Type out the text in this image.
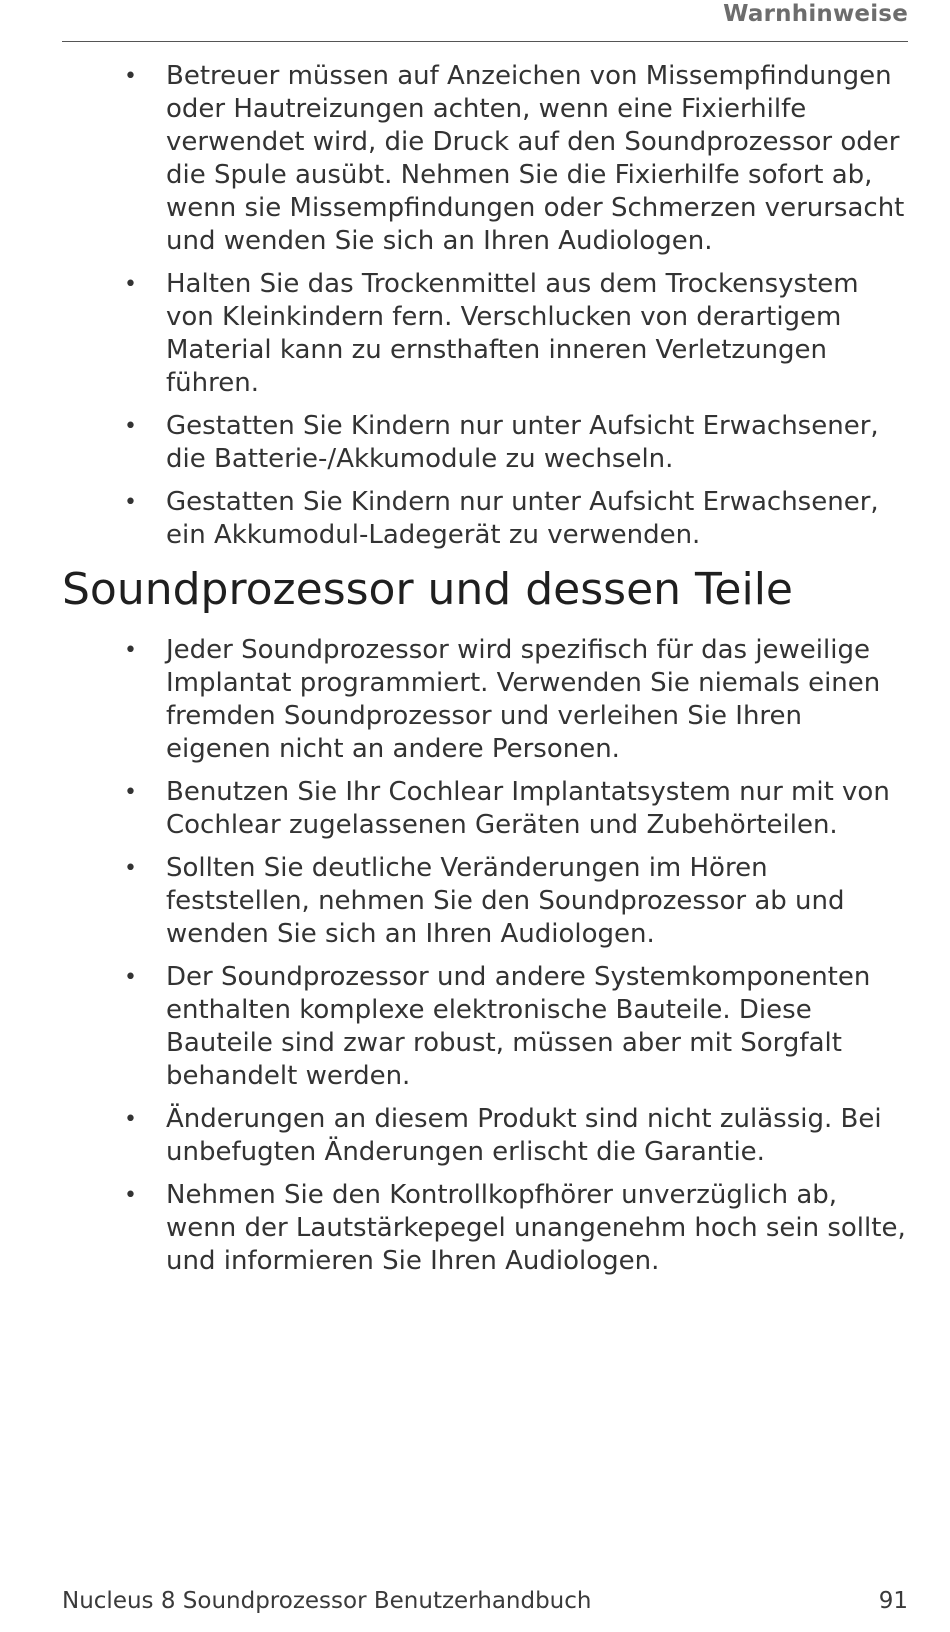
Warnhinweise
• Betreuer müssen auf Anzeichen von Missempfindungen oder Hautreizungen achten, wenn eine Fixierhilfe verwendet wird, die Druck auf den Soundprozessor oder die Spule ausübt. Nehmen Sie die Fixierhilfe sofort ab, wenn sie Missempfindungen oder Schmerzen verursacht und wenden Sie sich an Ihren Audiologen.
• Halten Sie das Trockenmittel aus dem Trockensystem von Kleinkindern fern. Verschlucken von derartigem Material kann zu ernsthaften inneren Verletzungen führen.
• Gestatten Sie Kindern nur unter Aufsicht Erwachsener, die Batterie-/Akkumodule zu wechseln.
• Gestatten Sie Kindern nur unter Aufsicht Erwachsener, ein Akkumodul-Ladegerät zu verwenden.
Soundprozessor und dessen Teile
• Jeder Soundprozessor wird spezifisch für das jeweilige Implantat programmiert. Verwenden Sie niemals einen fremden Soundprozessor und verleihen Sie Ihren eigenen nicht an andere Personen.
• Benutzen Sie Ihr Cochlear Implantatsystem nur mit von Cochlear zugelassenen Geräten und Zubehörteilen.
• Sollten Sie deutliche Veränderungen im Hören feststellen, nehmen Sie den Soundprozessor ab und wenden Sie sich an Ihren Audiologen.
• Der Soundprozessor und andere Systemkomponenten enthalten komplexe elektronische Bauteile. Diese Bauteile sind zwar robust, müssen aber mit Sorgfalt behandelt werden.
• Änderungen an diesem Produkt sind nicht zulässig. Bei unbefugten Änderungen erlischt die Garantie.
• Nehmen Sie den Kontrollkopfhörer unverzüglich ab, wenn der Lautstärkepegel unangenehm hoch sein sollte, und informieren Sie Ihren Audiologen.
Nucleus 8 Soundprozessor Benutzerhandbuch	91
